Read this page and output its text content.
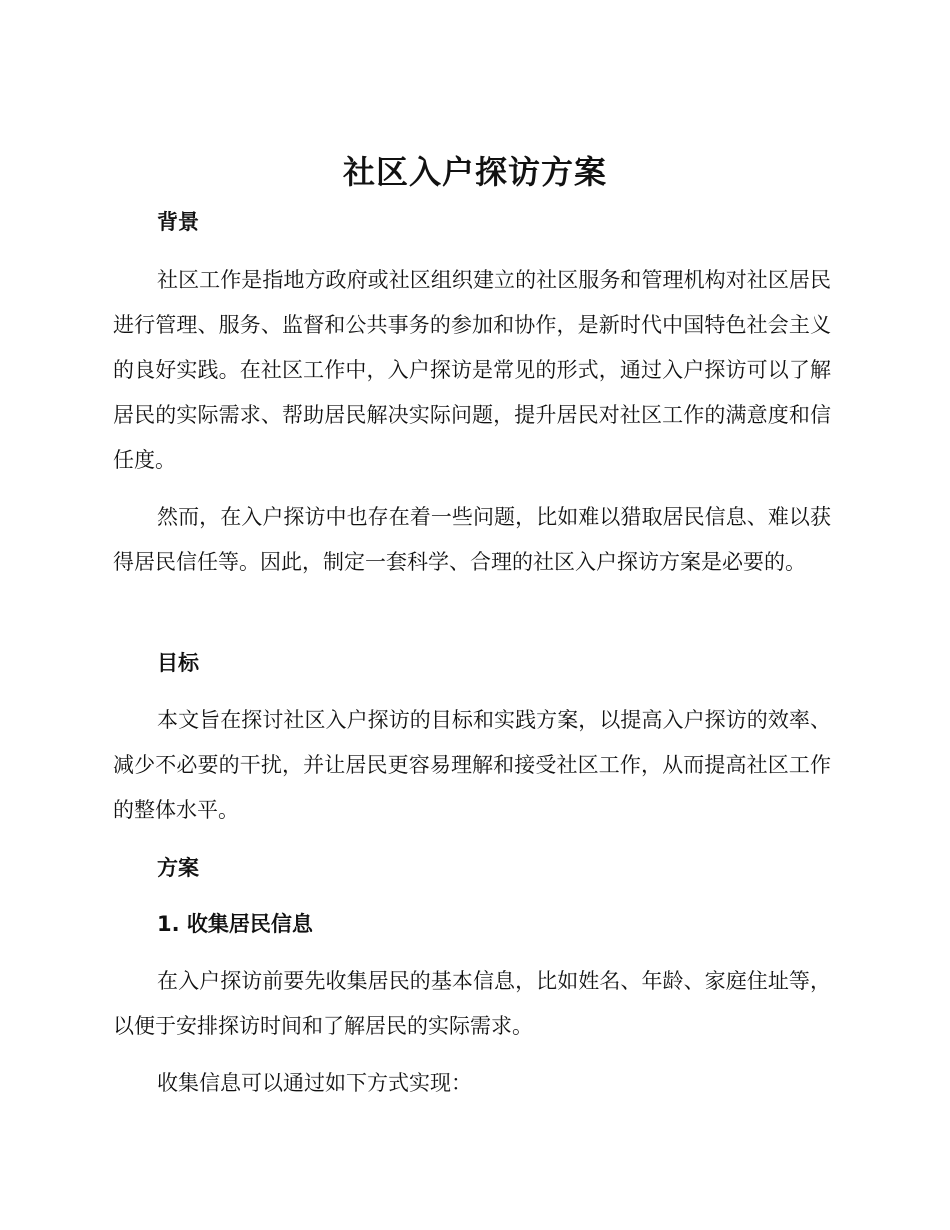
社区入户探访方案
背景
社区工作是指地方政府或社区组织建立的社区服务和管理机构对社区居民进行管理、服务、监督和公共事务的参加和协作，是新时代中国特色社会主义的良好实践。在社区工作中，入户探访是常见的形式，通过入户探访可以了解居民的实际需求、帮助居民解决实际问题，提升居民对社区工作的满意度和信任度。
然而，在入户探访中也存在着一些问题，比如难以猎取居民信息、难以获得居民信任等。因此，制定一套科学、合理的社区入户探访方案是必要的。
目标
本文旨在探讨社区入户探访的目标和实践方案，以提高入户探访的效率、减少不必要的干扰，并让居民更容易理解和接受社区工作，从而提高社区工作的整体水平。
方案
1. 收集居民信息
在入户探访前要先收集居民的基本信息，比如姓名、年龄、家庭住址等，以便于安排探访时间和了解居民的实际需求。
收集信息可以通过如下方式实现：
